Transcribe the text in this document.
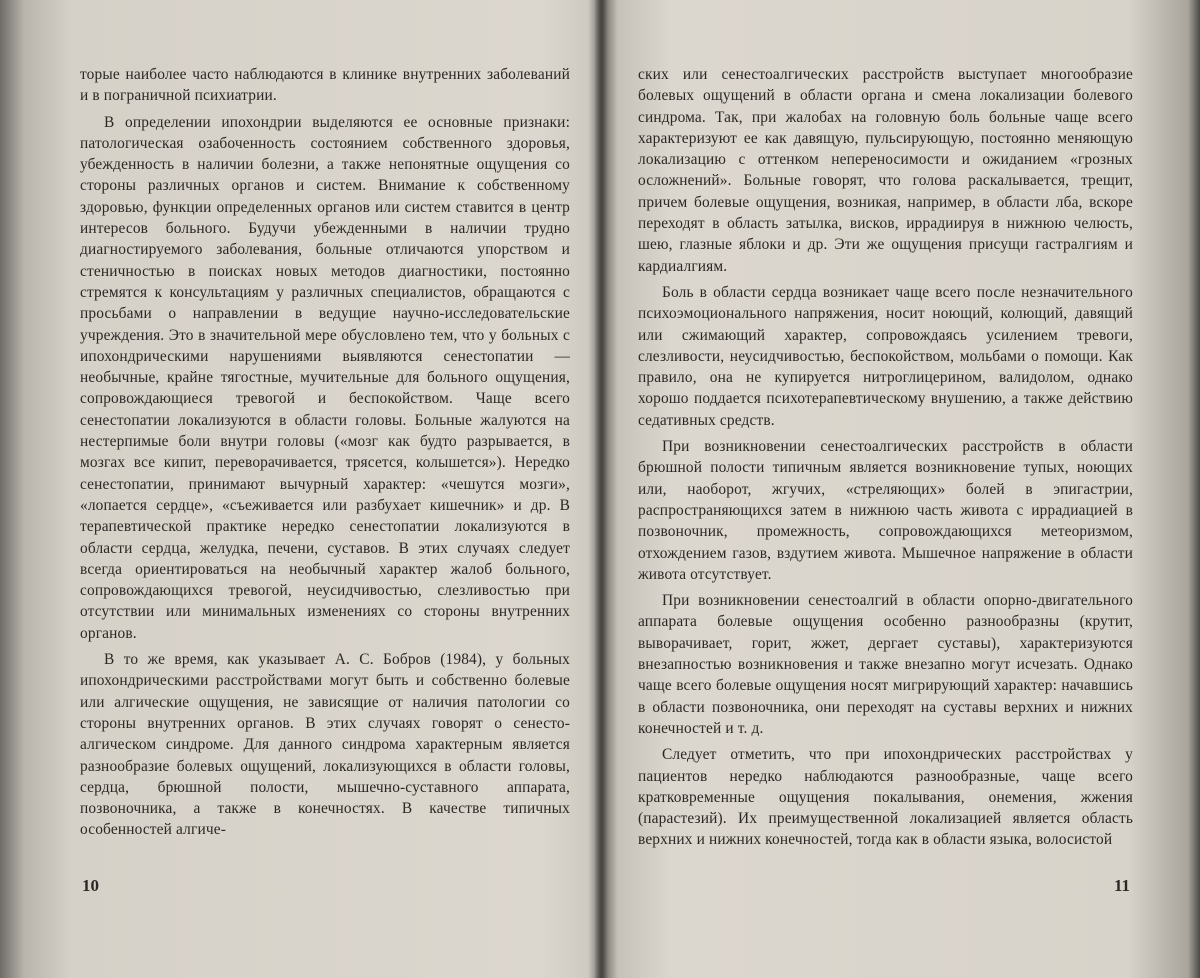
торые наиболее часто наблюдаются в клинике внутренних заболеваний и в пограничной психиатрии.

В определении ипохондрии выделяются ее основные признаки: патологическая озабоченность состоянием собственного здоровья, убежденность в наличии болезни, а также непонятные ощущения со стороны различных органов и систем. Внимание к собственному здоровью, функции определенных органов или систем ставится в центр интересов больного. Будучи убежденными в наличии трудно диагностируемого заболевания, больные отличаются упорством и стеничностью в поисках новых методов диагностики, постоянно стремятся к консультациям у различных специалистов, обращаются с просьбами о направлении в ведущие научно-исследовательские учреждения. Это в значительной мере обусловлено тем, что у больных с ипохондрическими нарушениями выявляются сенестопатии — необычные, крайне тягостные, мучительные для больного ощущения, сопровождающиеся тревогой и беспокойством. Чаще всего сенестопатии локализуются в области головы. Больные жалуются на нестерпимые боли внутри головы («мозг как будто разрывается, в мозгах все кипит, переворачивается, трясется, колышется»). Нередко сенестопатии, принимают вычурный характер: «чешутся мозги», «лопается сердце», «съеживается или разбухает кишечник» и др. В терапевтической практике нередко сенестопатии локализуются в области сердца, желудка, печени, суставов. В этих случаях следует всегда ориентироваться на необычный характер жалоб больного, сопровождающихся тревогой, неусидчивостью, слезливостью при отсутствии или минимальных изменениях со стороны внутренних органов.

В то же время, как указывает А. С. Бобров (1984), у больных ипохондрическими расстройствами могут быть и собственно болевые или алгические ощущения, не зависящие от наличия патологии со стороны внутренних органов. В этих случаях говорят о сенесто-алгическом синдроме. Для данного синдрома характерным является разнообразие болевых ощущений, локализующихся в области головы, сердца, брюшной полости, мышечно-суставного аппарата, позвоночника, а также в конечностях. В качестве типичных особенностей алгиче-

10

ских или сенестоалгических расстройств выступает многообразие болевых ощущений в области органа и смена локализации болевого синдрома. Так, при жалобах на головную боль больные чаще всего характеризуют ее как давящую, пульсирующую, постоянно меняющую локализацию с оттенком непереносимости и ожиданием «грозных осложнений». Больные говорят, что голова раскалывается, трещит, причем болевые ощущения, возникая, например, в области лба, вскоре переходят в область затылка, висков, иррадиируя в нижнюю челюсть, шею, глазные яблоки и др. Эти же ощущения присущи гастралгиям и кардиалгиям.

Боль в области сердца возникает чаще всего после незначительного психоэмоционального напряжения, носит ноющий, колющий, давящий или сжимающий характер, сопровождаясь усилением тревоги, слезливости, неусидчивостью, беспокойством, мольбами о помощи. Как правило, она не купируется нитроглицерином, валидолом, однако хорошо поддается психотерапевтическому внушению, а также действию седативных средств.

При возникновении сенестоалгических расстройств в области брюшной полости типичным является возникновение тупых, ноющих или, наоборот, жгучих, «стреляющих» болей в эпигастрии, распространяющихся затем в нижнюю часть живота с иррадиацией в позвоночник, промежность, сопровождающихся метеоризмом, отхождением газов, вздутием живота. Мышечное напряжение в области живота отсутствует.

При возникновении сенестоалгий в области опорно-двигательного аппарата болевые ощущения особенно разнообразны (крутит, выворачивает, горит, жжет, дергает суставы), характеризуются внезапностью возникновения и также внезапно могут исчезать. Однако чаще всего болевые ощущения носят мигрирующий характер: начавшись в области позвоночника, они переходят на суставы верхних и нижних конечностей и т. д.

Следует отметить, что при ипохондрических расстройствах у пациентов нередко наблюдаются разнообразные, чаще всего кратковременные ощущения покалывания, онемения, жжения (парастезий). Их преимущественной локализацией является область верхних и нижних конечностей, тогда как в области языка, волосистой

11
